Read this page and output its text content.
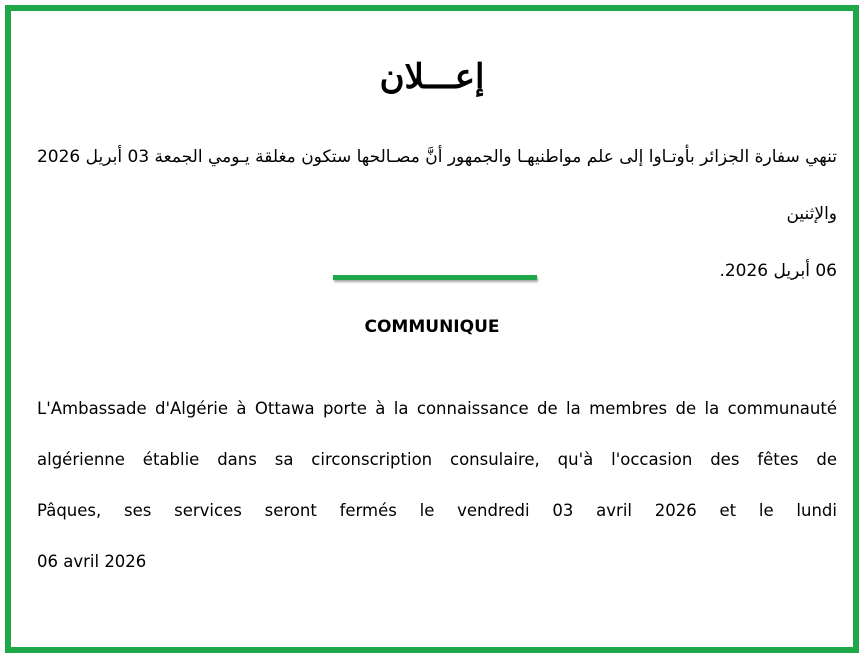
إعـــلان
تنهي سفارة الجزائر بأوتـاوا إلى علم مواطنيهـا والجمهور أنَّ مصـالحها ستكون مغلقة يـومي الجمعة 03 أبريل 2026 والإثنين
06 أبريل 2026.
COMMUNIQUE
L'Ambassade d'Algérie à Ottawa porte à la connaissance de la membres de la communauté
algérienne établie dans sa circonscription consulaire, qu'à l'occasion des fêtes de
Pâques, ses services seront fermés le vendredi 03 avril 2026 et le lundi
06 avril 2026
